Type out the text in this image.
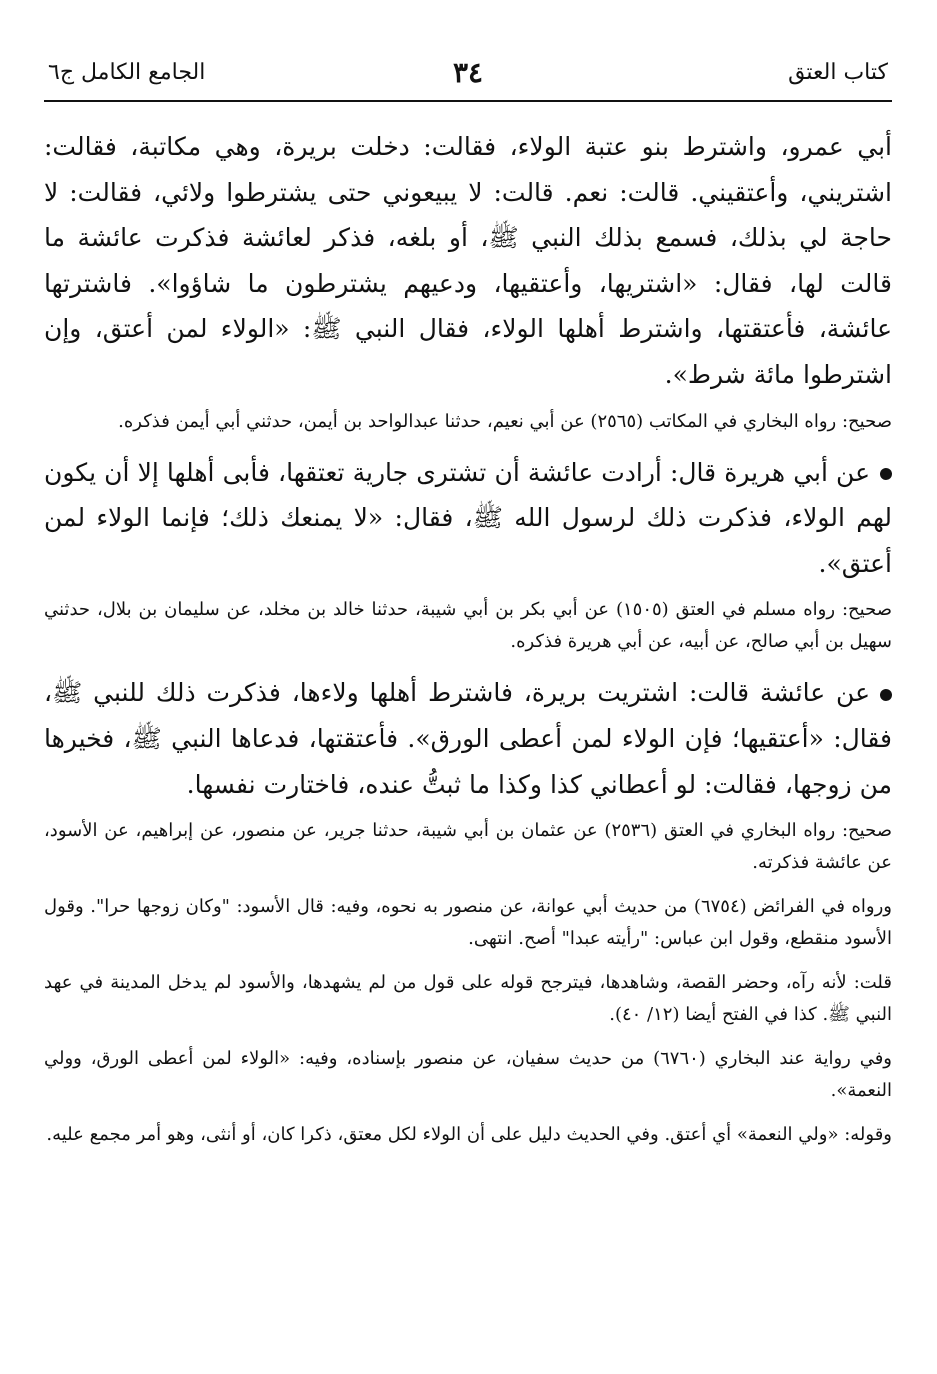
كتاب العتق
٣٤
الجامع الكامل ج٦

أبي عمرو، واشترط بنو عتبة الولاء، فقالت: دخلت بريرة، وهي مكاتبة، فقالت: اشتريني، وأعتقيني. قالت: نعم. قالت: لا يبيعوني حتى يشترطوا ولائي، فقالت: لا حاجة لي بذلك، فسمع بذلك النبي ﷺ، أو بلغه، فذكر لعائشة فذكرت عائشة ما قالت لها، فقال: «اشتريها، وأعتقيها، ودعيهم يشترطون ما شاؤوا». فاشترتها عائشة، فأعتقتها، واشترط أهلها الولاء، فقال النبي ﷺ: «الولاء لمن أعتق، وإن اشترطوا مائة شرط».

صحيح: رواه البخاري في المكاتب (٢٥٦٥) عن أبي نعيم، حدثنا عبدالواحد بن أيمن، حدثني أبي أيمن فذكره.

عن أبي هريرة قال: أرادت عائشة أن تشترى جارية تعتقها، فأبى أهلها إلا أن يكون لهم الولاء، فذكرت ذلك لرسول الله ﷺ، فقال: «لا يمنعك ذلك؛ فإنما الولاء لمن أعتق».

صحيح: رواه مسلم في العتق (١٥٠٥) عن أبي بكر بن أبي شيبة، حدثنا خالد بن مخلد، عن سليمان بن بلال، حدثني سهيل بن أبي صالح، عن أبيه، عن أبي هريرة فذكره.

عن عائشة قالت: اشتريت بريرة، فاشترط أهلها ولاءها، فذكرت ذلك للنبي ﷺ، فقال: «أعتقيها؛ فإن الولاء لمن أعطى الورق». فأعتقتها، فدعاها النبي ﷺ، فخيرها من زوجها، فقالت: لو أعطاني كذا وكذا ما ثبتُّ عنده، فاختارت نفسها.

صحيح: رواه البخاري في العتق (٢٥٣٦) عن عثمان بن أبي شيبة، حدثنا جرير، عن منصور، عن إبراهيم، عن الأسود، عن عائشة فذكرته.

ورواه في الفرائض (٦٧٥٤) من حديث أبي عوانة، عن منصور به نحوه، وفيه: قال الأسود: "وكان زوجها حرا". وقول الأسود منقطع، وقول ابن عباس: "رأيته عبدا" أصح. انتهى.

قلت: لأنه رآه، وحضر القصة، وشاهدها، فيترجح قوله على قول من لم يشهدها، والأسود لم يدخل المدينة في عهد النبي ﷺ. كذا في الفتح أيضا (١٢/ ٤٠).

وفي رواية عند البخاري (٦٧٦٠) من حديث سفيان، عن منصور بإسناده، وفيه: «الولاء لمن أعطى الورق، وولي النعمة».

وقوله: «ولي النعمة» أي أعتق. وفي الحديث دليل على أن الولاء لكل معتق، ذكرا كان، أو أنثى، وهو أمر مجمع عليه.
